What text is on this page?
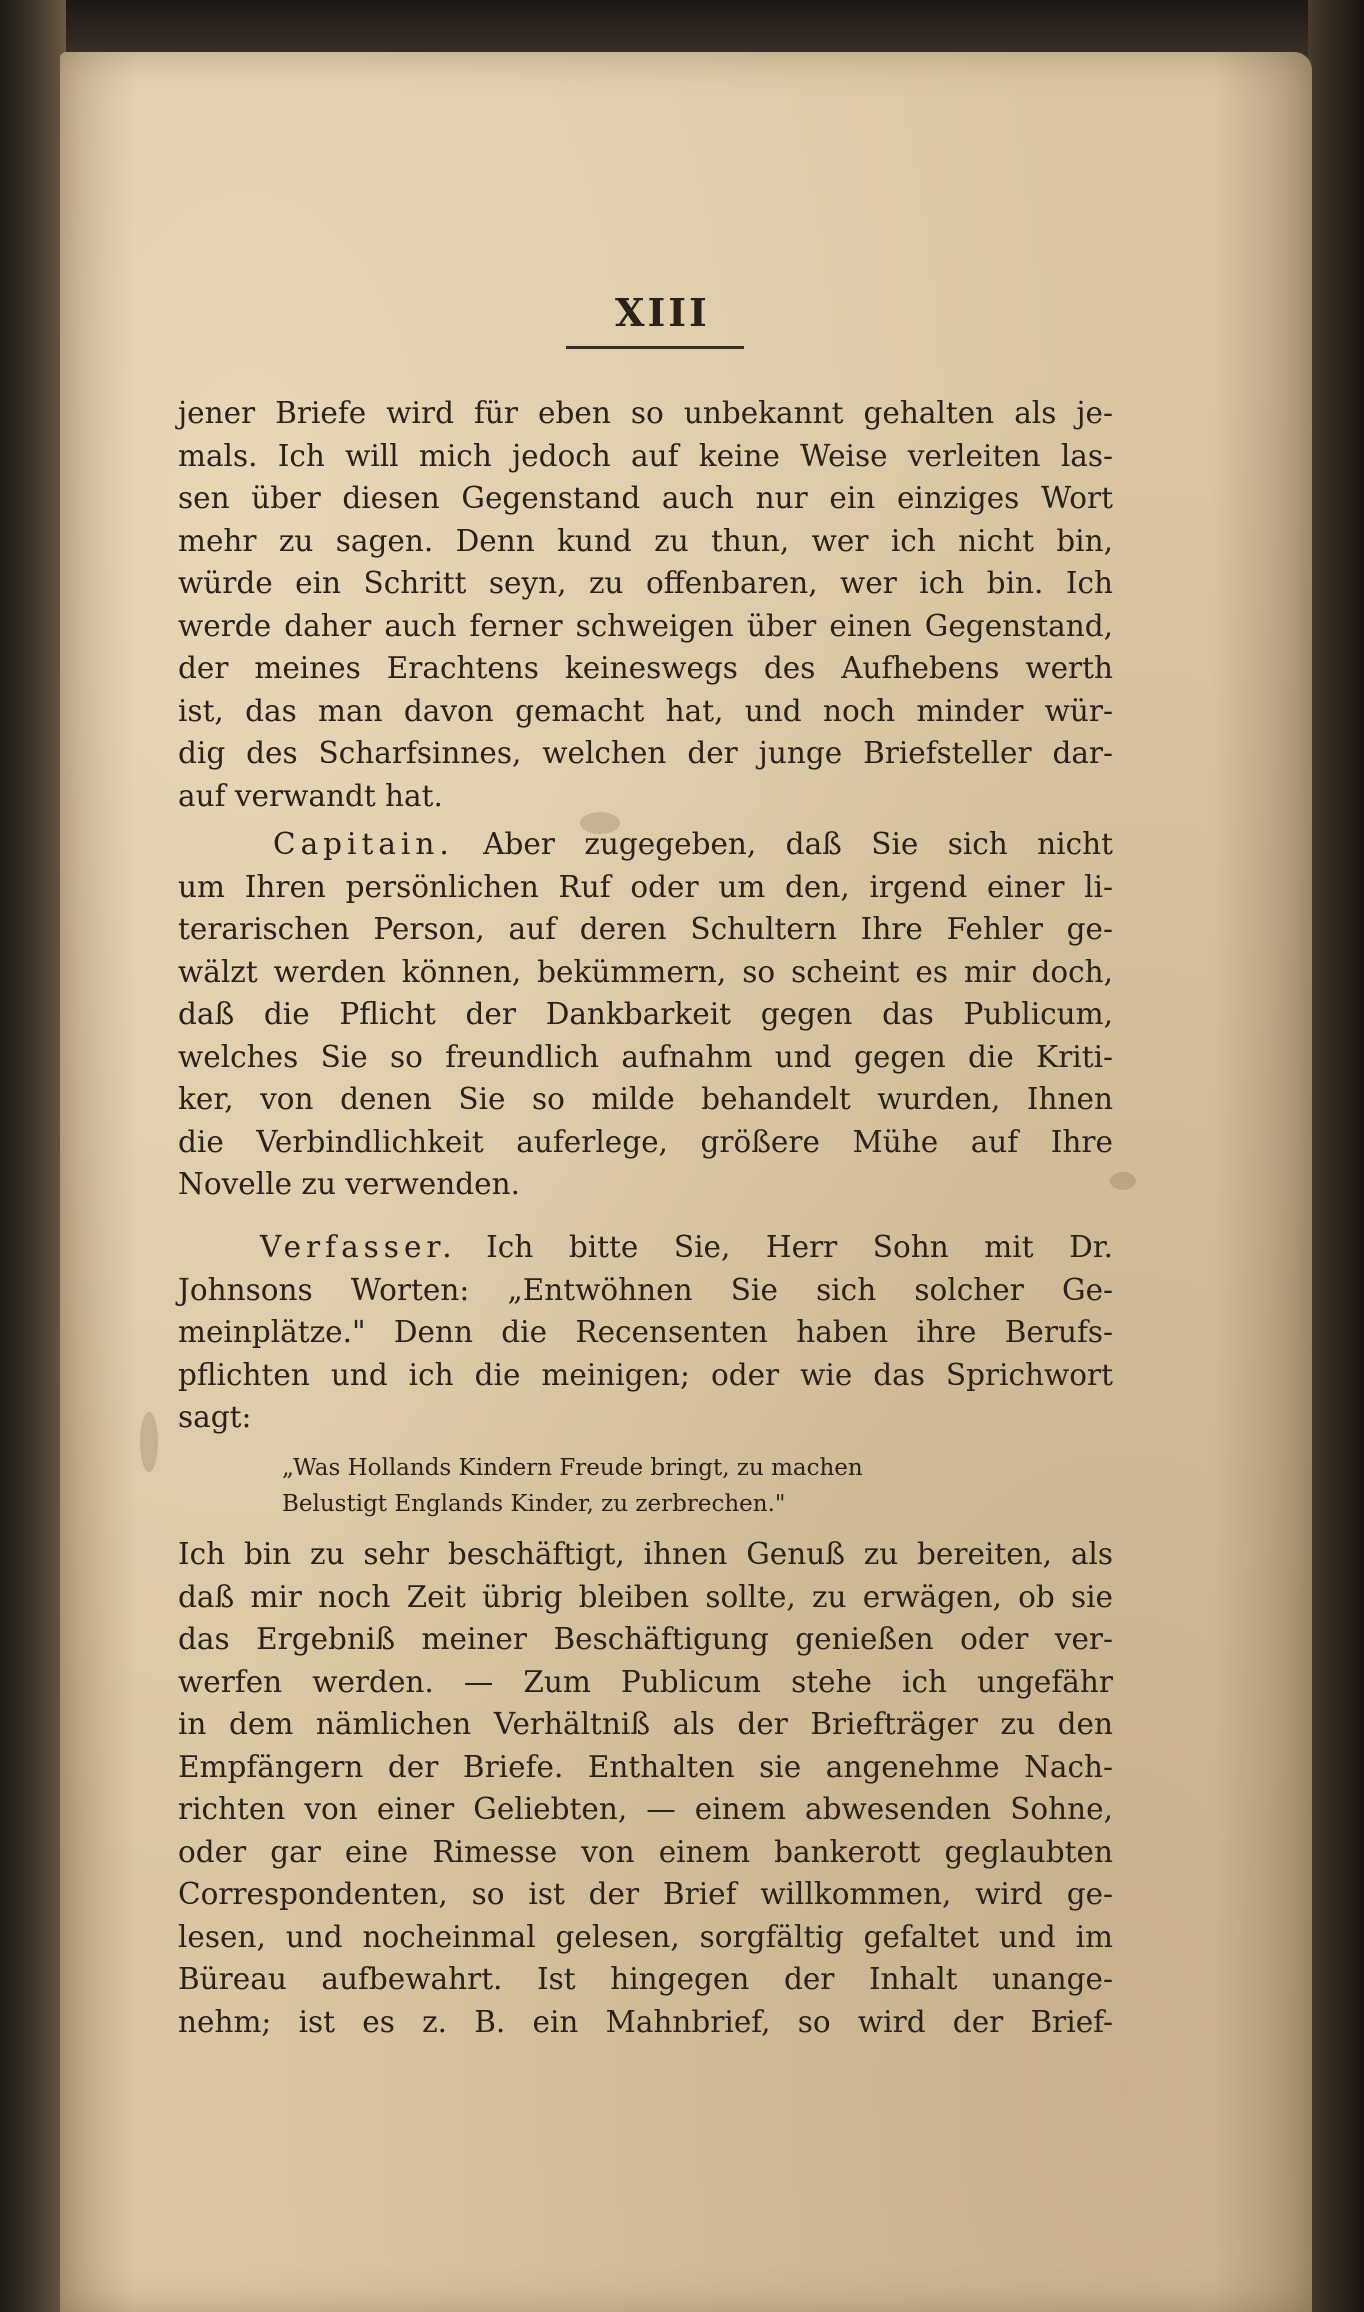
XIII
jener Briefe wird für eben so unbekannt gehalten als je-
mals. Ich will mich jedoch auf keine Weise verleiten las-
sen über diesen Gegenstand auch nur ein einziges Wort
mehr zu sagen. Denn kund zu thun, wer ich nicht bin,
würde ein Schritt seyn, zu offenbaren, wer ich bin. Ich
werde daher auch ferner schweigen über einen Gegenstand,
der meines Erachtens keineswegs des Aufhebens werth
ist, das man davon gemacht hat, und noch minder wür-
dig des Scharfsinnes, welchen der junge Briefsteller dar-
auf verwandt hat.
Capitain.  Aber zugegeben, daß Sie sich nicht
um Ihren persönlichen Ruf oder um den, irgend einer li-
terarischen Person, auf deren Schultern Ihre Fehler ge-
wälzt werden können, bekümmern, so scheint es mir doch,
daß die Pflicht der Dankbarkeit gegen das Publicum,
welches Sie so freundlich aufnahm und gegen die Kriti-
ker, von denen Sie so milde behandelt wurden, Ihnen
die Verbindlichkeit auferlege, größere Mühe auf Ihre
Novelle zu verwenden.
Verfasser.  Ich bitte Sie, Herr Sohn mit Dr.
Johnsons Worten: „Entwöhnen Sie sich solcher Ge-
meinplätze." Denn die Recensenten haben ihre Berufs-
pflichten und ich die meinigen; oder wie das Sprichwort
sagt:
„Was Hollands Kindern Freude bringt, zu machen
Belustigt Englands Kinder, zu zerbrechen."
Ich bin zu sehr beschäftigt, ihnen Genuß zu bereiten, als
daß mir noch Zeit übrig bleiben sollte, zu erwägen, ob sie
das Ergebniß meiner Beschäftigung genießen oder ver-
werfen werden. — Zum Publicum stehe ich ungefähr
in dem nämlichen Verhältniß als der Briefträger zu den
Empfängern der Briefe. Enthalten sie angenehme Nach-
richten von einer Geliebten, — einem abwesenden Sohne,
oder gar eine Rimesse von einem bankerott geglaubten
Correspondenten, so ist der Brief willkommen, wird ge-
lesen, und nocheinmal gelesen, sorgfältig gefaltet und im
Büreau aufbewahrt. Ist hingegen der Inhalt unange-
nehm; ist es z. B. ein Mahnbrief, so wird der Brief-
